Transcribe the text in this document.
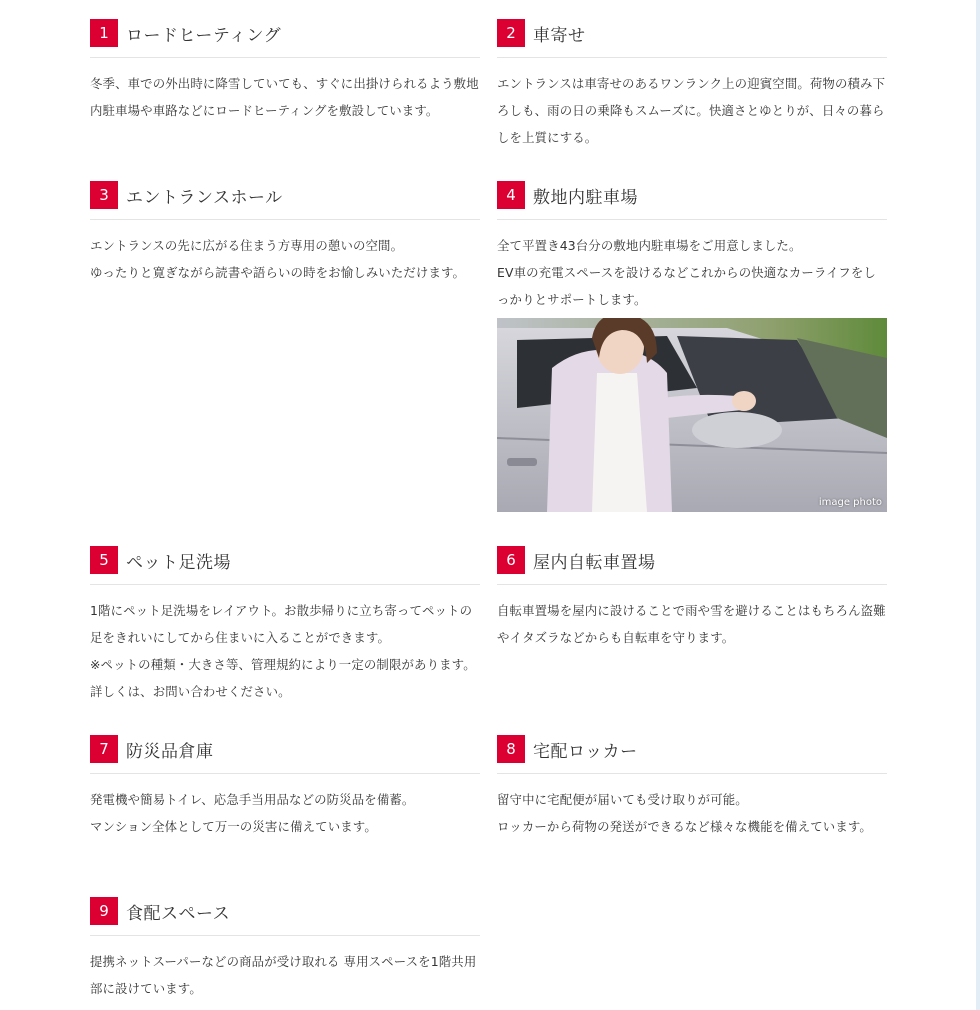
1	ロードヒーティング

冬季、車での外出時に降雪していても、すぐに出掛けられるよう敷地内駐車場や車路などにロードヒーティングを敷設しています。

2	車寄せ

エントランスは車寄せのあるワンランク上の迎賓空間。荷物の積み下ろしも、雨の日の乗降もスムーズに。快適さとゆとりが、日々の暮らしを上質にする。

3	エントランスホール

エントランスの先に広がる住まう方専用の憩いの空間。

ゆったりと寛ぎながら読書や語らいの時をお愉しみいただけます。

4	敷地内駐車場

全て平置き43台分の敷地内駐車場をご用意しました。

EV車の充電スペースを設けるなどこれからの快適なカーライフをしっかりとサポートします。

image photo
5	ペット足洗場

1階にペット足洗場をレイアウト。お散歩帰りに立ち寄ってペットの足をきれいにしてから住まいに入ることができます。

※ペットの種類・大きさ等、管理規約により一定の制限があります。詳しくは、お問い合わせください。

6	屋内自転車置場

自転車置場を屋内に設けることで雨や雪を避けることはもちろん盗難やイタズラなどからも自転車を守ります。

7	防災品倉庫

発電機や簡易トイレ、応急手当用品などの防災品を備蓄。

マンション全体として万一の災害に備えています。

8	宅配ロッカー

留守中に宅配便が届いても受け取りが可能。

ロッカーから荷物の発送ができるなど様々な機能を備えています。

9	食配スペース

提携ネットスーパーなどの商品が受け取れる 専用スペースを1階共用部に設けています。
